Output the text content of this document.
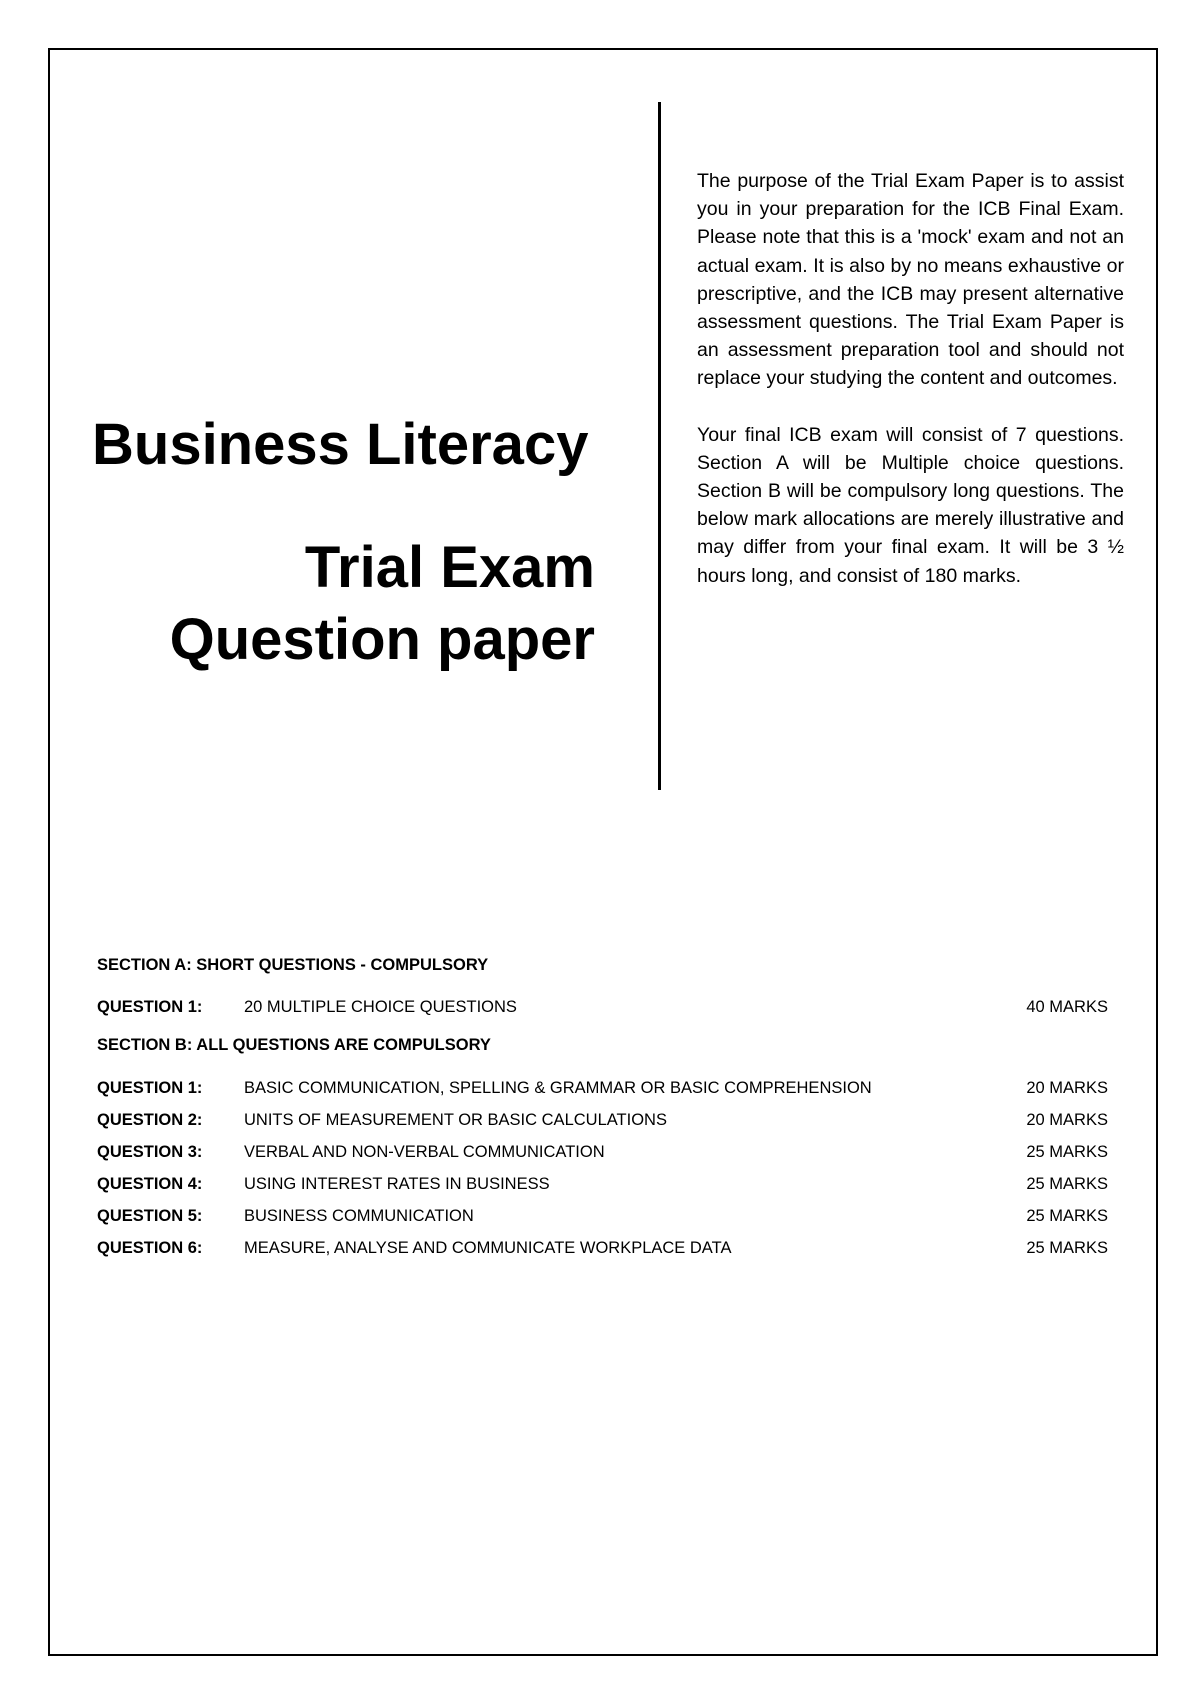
Business Literacy
Trial Exam
Question paper

The purpose of the Trial Exam Paper is to assist you in your preparation for the ICB Final Exam. Please note that this is a 'mock' exam and not an actual exam. It is also by no means exhaustive or prescriptive, and the ICB may present alternative assessment questions. The Trial Exam Paper is an assessment preparation tool and should not replace your studying the content and outcomes.

Your final ICB exam will consist of 7 questions. Section A will be Multiple choice questions. Section B will be compulsory long questions. The below mark allocations are merely illustrative and may differ from your final exam. It will be 3 ½ hours long, and consist of 180 marks.

SECTION A: SHORT QUESTIONS - COMPULSORY
QUESTION 1:	20 MULTIPLE CHOICE QUESTIONS	40 MARKS
SECTION B: ALL QUESTIONS ARE COMPULSORY
QUESTION 1:	BASIC COMMUNICATION, SPELLING & GRAMMAR OR BASIC COMPREHENSION	20 MARKS
QUESTION 2:	UNITS OF MEASUREMENT OR BASIC CALCULATIONS	20 MARKS
QUESTION 3:	VERBAL AND NON-VERBAL COMMUNICATION	25 MARKS
QUESTION 4:	USING INTEREST RATES IN BUSINESS	25 MARKS
QUESTION 5:	BUSINESS COMMUNICATION	25 MARKS
QUESTION 6:	MEASURE, ANALYSE AND COMMUNICATE WORKPLACE DATA	25 MARKS
